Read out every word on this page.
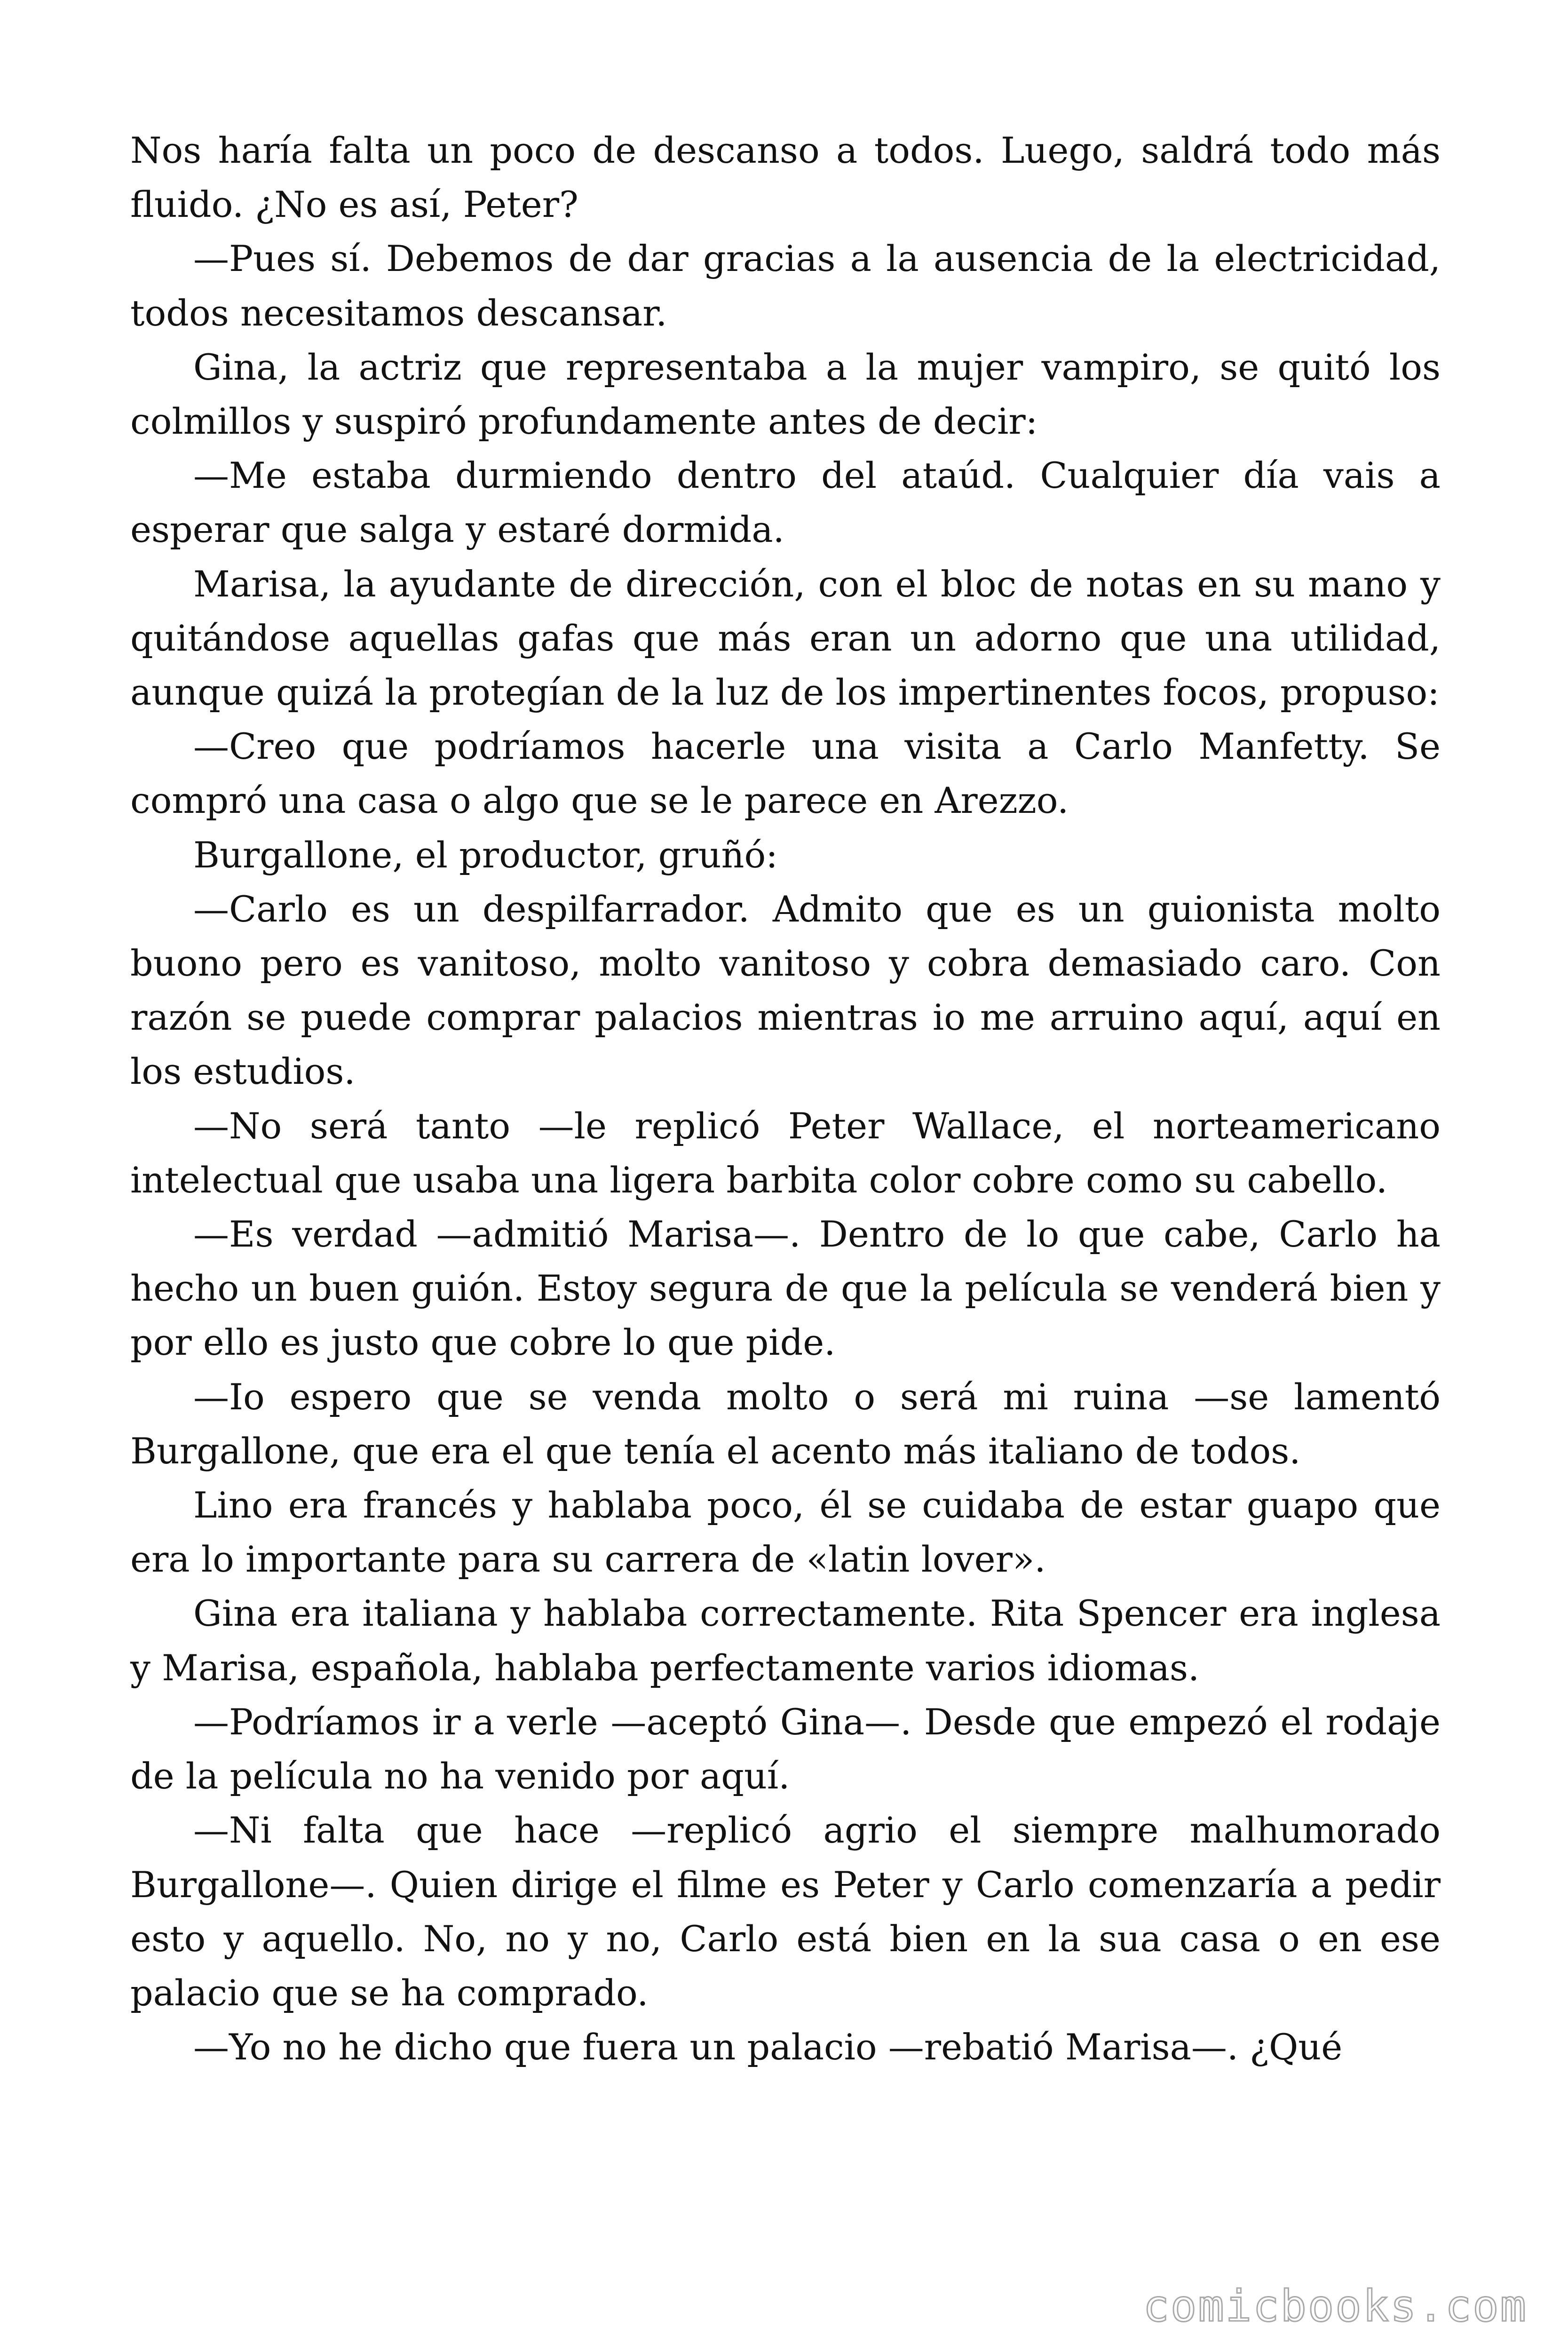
Nos haría falta un poco de descanso a todos. Luego, saldrá todo más fluido. ¿No es así, Peter?

—Pues sí. Debemos de dar gracias a la ausencia de la electricidad, todos necesitamos descansar.

Gina, la actriz que representaba a la mujer vampiro, se quitó los colmillos y suspiró profundamente antes de decir:

—Me estaba durmiendo dentro del ataúd. Cualquier día vais a esperar que salga y estaré dormida.

Marisa, la ayudante de dirección, con el bloc de notas en su mano y quitándose aquellas gafas que más eran un adorno que una utilidad, aunque quizá la protegían de la luz de los impertinentes focos, propuso:

—Creo que podríamos hacerle una visita a Carlo Manfetty. Se compró una casa o algo que se le parece en Arezzo.

Burgallone, el productor, gruñó:

—Carlo es un despilfarrador. Admito que es un guionista molto buono pero es vanitoso, molto vanitoso y cobra demasiado caro. Con razón se puede comprar palacios mientras io me arruino aquí, aquí en los estudios.

—No será tanto —le replicó Peter Wallace, el norteamericano intelectual que usaba una ligera barbita color cobre como su cabello.

—Es verdad —admitió Marisa—. Dentro de lo que cabe, Carlo ha hecho un buen guión. Estoy segura de que la película se venderá bien y por ello es justo que cobre lo que pide.

—Io espero que se venda molto o será mi ruina —se lamentó Burgallone, que era el que tenía el acento más italiano de todos.

Lino era francés y hablaba poco, él se cuidaba de estar guapo que era lo importante para su carrera de «latin lover».

Gina era italiana y hablaba correctamente. Rita Spencer era inglesa y Marisa, española, hablaba perfectamente varios idiomas.

—Podríamos ir a verle —aceptó Gina—. Desde que empezó el rodaje de la película no ha venido por aquí.

—Ni falta que hace —replicó agrio el siempre malhumorado Burgallone—. Quien dirige el filme es Peter y Carlo comenzaría a pedir esto y aquello. No, no y no, Carlo está bien en la sua casa o en ese palacio que se ha comprado.

—Yo no he dicho que fuera un palacio —rebatió Marisa—. ¿Qué

comicbooks.com
